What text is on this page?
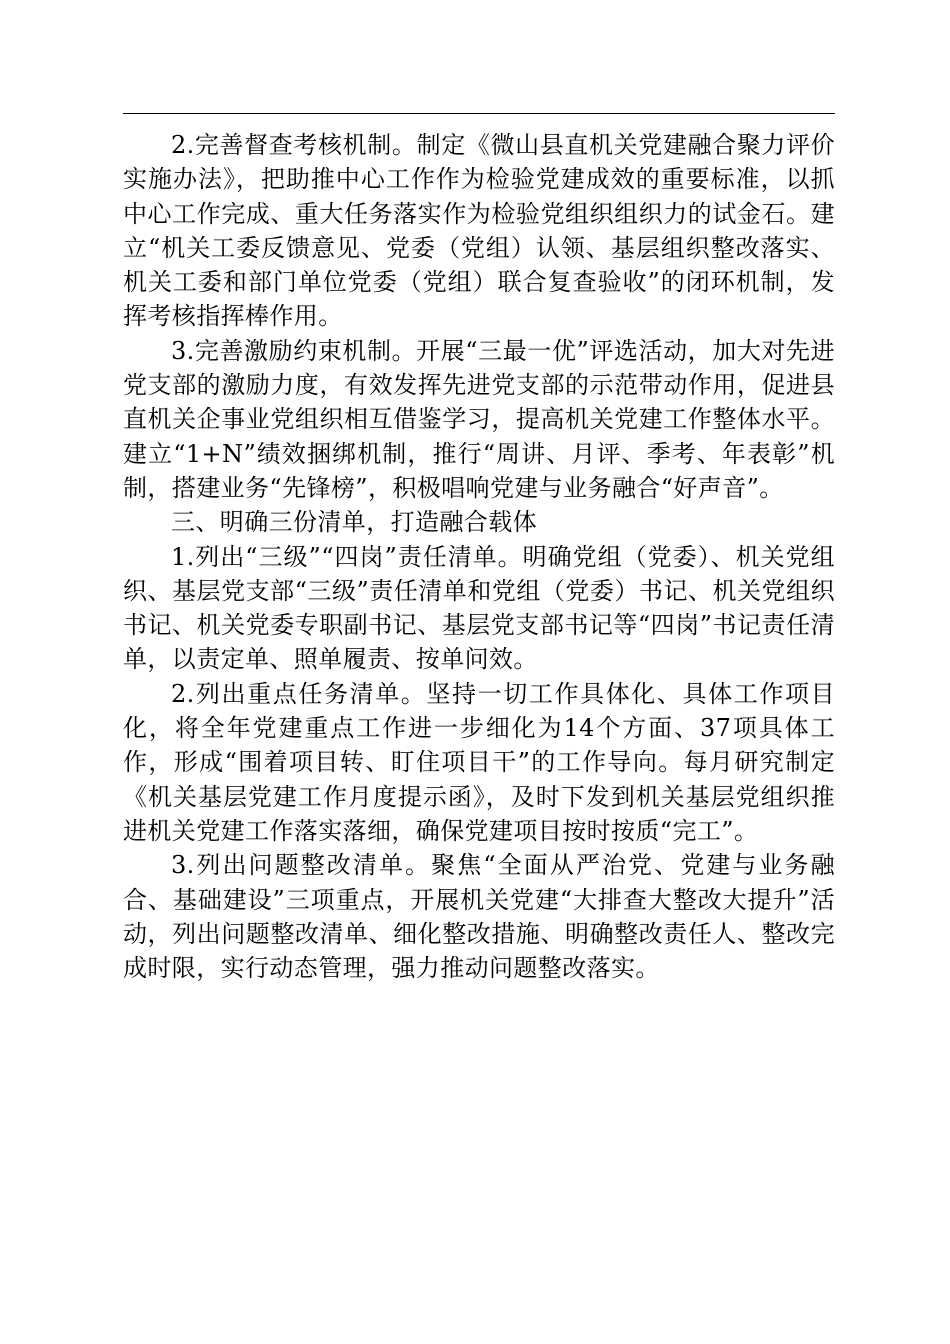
2.完善督查考核机制。制定《微山县直机关党建融合聚力评价实施办法》，把助推中心工作作为检验党建成效的重要标准，以抓中心工作完成、重大任务落实作为检验党组织组织力的试金石。建立“机关工委反馈意见、党委（党组）认领、基层组织整改落实、机关工委和部门单位党委（党组）联合复查验收”的闭环机制，发挥考核指挥棒作用。

3.完善激励约束机制。开展“三最一优”评选活动，加大对先进党支部的激励力度，有效发挥先进党支部的示范带动作用，促进县直机关企事业党组织相互借鉴学习，提高机关党建工作整体水平。建立“1+N”绩效捆绑机制，推行“周讲、月评、季考、年表彰”机制，搭建业务“先锋榜”，积极唱响党建与业务融合“好声音”。

三、明确三份清单，打造融合载体

1.列出“三级”“四岗”责任清单。明确党组（党委）、机关党组织、基层党支部“三级”责任清单和党组（党委）书记、机关党组织书记、机关党委专职副书记、基层党支部书记等“四岗”书记责任清单，以责定单、照单履责、按单问效。

2.列出重点任务清单。坚持一切工作具体化、具体工作项目化，将全年党建重点工作进一步细化为14个方面、37项具体工作，形成“围着项目转、盯住项目干”的工作导向。每月研究制定《机关基层党建工作月度提示函》，及时下发到机关基层党组织推进机关党建工作落实落细，确保党建项目按时按质“完工”。

3.列出问题整改清单。聚焦“全面从严治党、党建与业务融合、基础建设”三项重点，开展机关党建“大排查大整改大提升”活动，列出问题整改清单、细化整改措施、明确整改责任人、整改完成时限，实行动态管理，强力推动问题整改落实。
